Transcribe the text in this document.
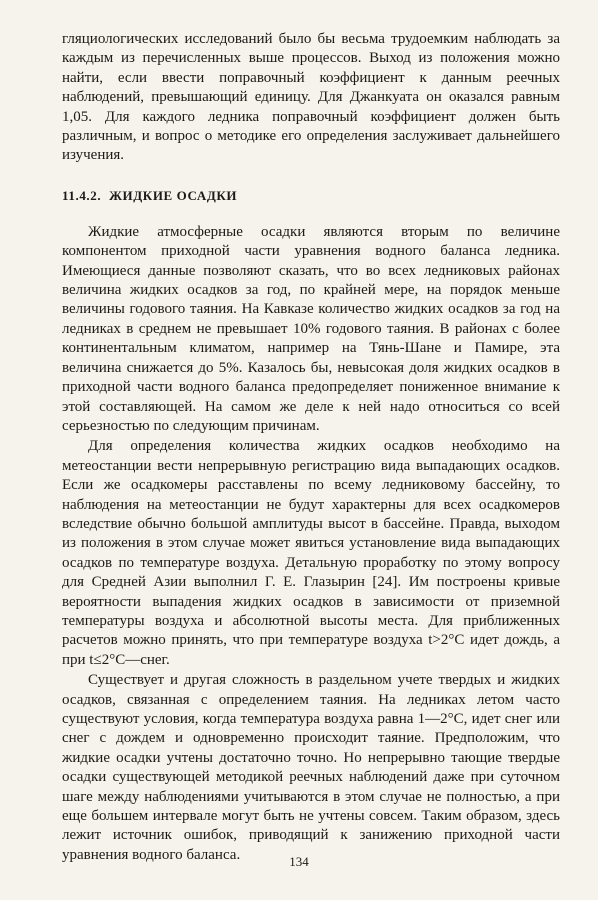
гляциологических исследований было бы весьма трудоемким наблюдать за каждым из перечисленных выше процессов. Выход из положения можно найти, если ввести поправочный коэффициент к данным реечных наблюдений, превышающий единицу. Для Джанкуата он оказался равным 1,05. Для каждого ледника поправочный коэффициент должен быть различным, и вопрос о методике его определения заслуживает дальнейшего изучения.

11.4.2. ЖИДКИЕ ОСАДКИ

Жидкие атмосферные осадки являются вторым по величине компонентом приходной части уравнения водного баланса ледника. Имеющиеся данные позволяют сказать, что во всех ледниковых районах величина жидких осадков за год, по крайней мере, на порядок меньше величины годового таяния. На Кавказе количество жидких осадков за год на ледниках в среднем не превышает 10% годового таяния. В районах с более континентальным климатом, например на Тянь-Шане и Памире, эта величина снижается до 5%. Казалось бы, невысокая доля жидких осадков в приходной части водного баланса предопределяет пониженное внимание к этой составляющей. На самом же деле к ней надо относиться со всей серьезностью по следующим причинам.

Для определения количества жидких осадков необходимо на метеостанции вести непрерывную регистрацию вида выпадающих осадков. Если же осадкомеры расставлены по всему ледниковому бассейну, то наблюдения на метеостанции не будут характерны для всех осадкомеров вследствие обычно большой амплитуды высот в бассейне. Правда, выходом из положения в этом случае может явиться установление вида выпадающих осадков по температуре воздуха. Детальную проработку по этому вопросу для Средней Азии выполнил Г. Е. Глазырин [24]. Им построены кривые вероятности выпадения жидких осадков в зависимости от приземной температуры воздуха и абсолютной высоты места. Для приближенных расчетов можно принять, что при температуре воздуха t>2°С идет дождь, а при t≤2°С—снег.

Существует и другая сложность в раздельном учете твердых и жидких осадков, связанная с определением таяния. На ледниках летом часто существуют условия, когда температура воздуха равна 1—2°С, идет снег или снег с дождем и одновременно происходит таяние. Предположим, что жидкие осадки учтены достаточно точно. Но непрерывно тающие твердые осадки существующей методикой реечных наблюдений даже при суточном шаге между наблюдениями учитываются в этом случае не полностью, а при еще большем интервале могут быть не учтены совсем. Таким образом, здесь лежит источник ошибок, приводящий к занижению приходной части уравнения водного баланса.	134
